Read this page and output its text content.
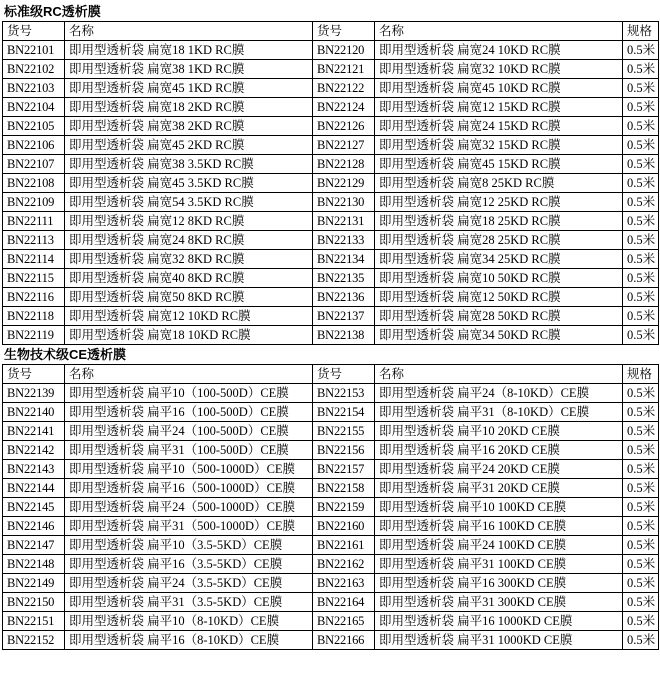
标准级RC透析膜
货号	名称	货号	名称	规格
BN22101	即用型透析袋 扁宽18 1KD RC膜	BN22120	即用型透析袋 扁宽24 10KD RC膜	0.5米
BN22102	即用型透析袋 扁宽38 1KD RC膜	BN22121	即用型透析袋 扁宽32 10KD RC膜	0.5米
BN22103	即用型透析袋 扁宽45 1KD RC膜	BN22122	即用型透析袋 扁宽45 10KD RC膜	0.5米
BN22104	即用型透析袋 扁宽18 2KD RC膜	BN22124	即用型透析袋 扁宽12 15KD RC膜	0.5米
BN22105	即用型透析袋 扁宽38 2KD RC膜	BN22126	即用型透析袋 扁宽24 15KD RC膜	0.5米
BN22106	即用型透析袋 扁宽45 2KD RC膜	BN22127	即用型透析袋 扁宽32 15KD RC膜	0.5米
BN22107	即用型透析袋 扁宽38 3.5KD RC膜	BN22128	即用型透析袋 扁宽45 15KD RC膜	0.5米
BN22108	即用型透析袋 扁宽45 3.5KD RC膜	BN22129	即用型透析袋 扁宽8 25KD RC膜	0.5米
BN22109	即用型透析袋 扁宽54 3.5KD RC膜	BN22130	即用型透析袋 扁宽12 25KD RC膜	0.5米
BN22111	即用型透析袋 扁宽12 8KD RC膜	BN22131	即用型透析袋 扁宽18 25KD RC膜	0.5米
BN22113	即用型透析袋 扁宽24 8KD RC膜	BN22133	即用型透析袋 扁宽28 25KD RC膜	0.5米
BN22114	即用型透析袋 扁宽32 8KD RC膜	BN22134	即用型透析袋 扁宽34 25KD RC膜	0.5米
BN22115	即用型透析袋 扁宽40 8KD RC膜	BN22135	即用型透析袋 扁宽10 50KD RC膜	0.5米
BN22116	即用型透析袋 扁宽50 8KD RC膜	BN22136	即用型透析袋 扁宽12 50KD RC膜	0.5米
BN22118	即用型透析袋 扁宽12 10KD RC膜	BN22137	即用型透析袋 扁宽28 50KD RC膜	0.5米
BN22119	即用型透析袋 扁宽18 10KD RC膜	BN22138	即用型透析袋 扁宽34 50KD RC膜	0.5米
生物技术级CE透析膜
货号	名称	货号	名称	规格
BN22139	即用型透析袋 扁平10（100-500D）CE膜	BN22153	即用型透析袋 扁平24（8-10KD）CE膜	0.5米
BN22140	即用型透析袋 扁平16（100-500D）CE膜	BN22154	即用型透析袋 扁平31（8-10KD）CE膜	0.5米
BN22141	即用型透析袋 扁平24（100-500D）CE膜	BN22155	即用型透析袋 扁平10 20KD CE膜	0.5米
BN22142	即用型透析袋 扁平31（100-500D）CE膜	BN22156	即用型透析袋 扁平16 20KD CE膜	0.5米
BN22143	即用型透析袋 扁平10（500-1000D）CE膜	BN22157	即用型透析袋 扁平24 20KD CE膜	0.5米
BN22144	即用型透析袋 扁平16（500-1000D）CE膜	BN22158	即用型透析袋 扁平31 20KD CE膜	0.5米
BN22145	即用型透析袋 扁平24（500-1000D）CE膜	BN22159	即用型透析袋 扁平10 100KD CE膜	0.5米
BN22146	即用型透析袋 扁平31（500-1000D）CE膜	BN22160	即用型透析袋 扁平16 100KD CE膜	0.5米
BN22147	即用型透析袋 扁平10（3.5-5KD）CE膜	BN22161	即用型透析袋 扁平24 100KD CE膜	0.5米
BN22148	即用型透析袋 扁平16（3.5-5KD）CE膜	BN22162	即用型透析袋 扁平31 100KD CE膜	0.5米
BN22149	即用型透析袋 扁平24（3.5-5KD）CE膜	BN22163	即用型透析袋 扁平16 300KD CE膜	0.5米
BN22150	即用型透析袋 扁平31（3.5-5KD）CE膜	BN22164	即用型透析袋 扁平31 300KD CE膜	0.5米
BN22151	即用型透析袋 扁平10（8-10KD）CE膜	BN22165	即用型透析袋 扁平16 1000KD CE膜	0.5米
BN22152	即用型透析袋 扁平16（8-10KD）CE膜	BN22166	即用型透析袋 扁平31 1000KD CE膜	0.5米
